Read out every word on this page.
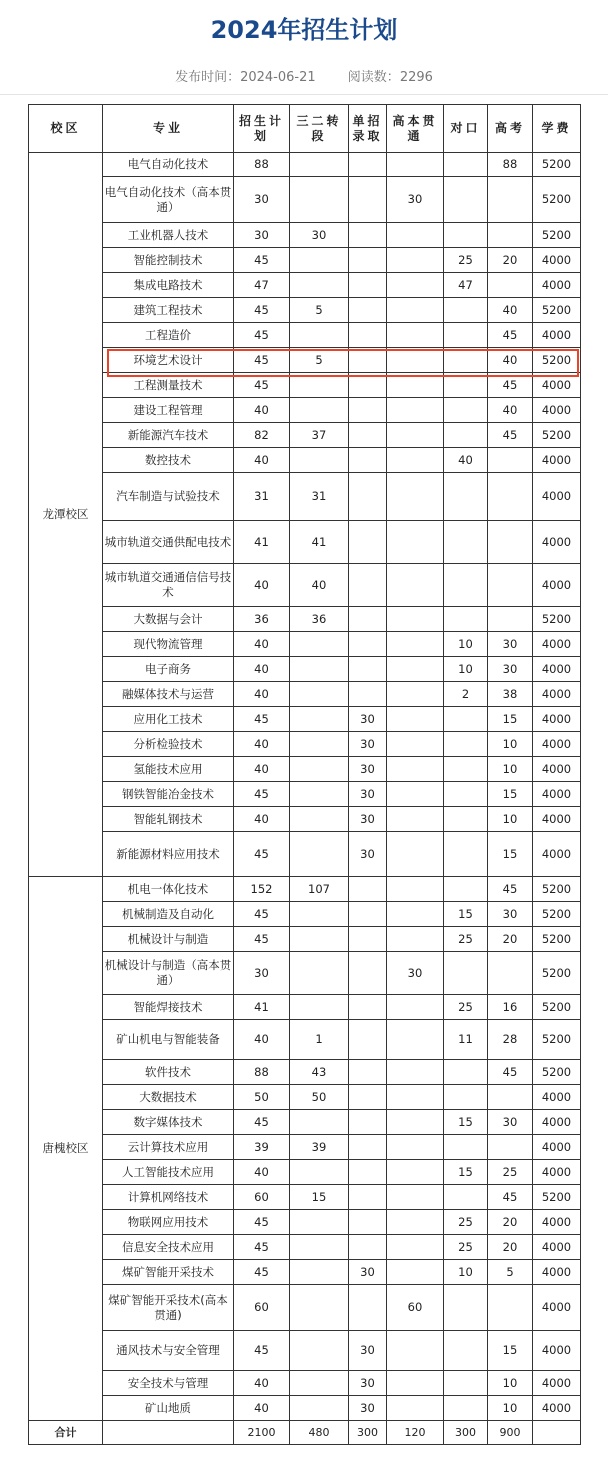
2024年招生计划
发布时间：2024-06-21 阅读数：2296
校区	专业	招生计划	三二转段	单招录取	高本贯通	对口	高考	学费
龙潭校区	电气自动化技术	88					88	5200
	电气自动化技术（高本贯通）	30			30			5200
	工业机器人技术	30	30					5200
	智能控制技术	45				25	20	4000
	集成电路技术	47				47		4000
	建筑工程技术	45	5				40	5200
	工程造价	45					45	4000
	环境艺术设计	45	5				40	5200
	工程测量技术	45					45	4000
	建设工程管理	40					40	4000
	新能源汽车技术	82	37				45	5200
	数控技术	40				40		4000
	汽车制造与试验技术	31	31					4000
	城市轨道交通供配电技术	41	41					4000
	城市轨道交通通信信号技术	40	40					4000
	大数据与会计	36	36					5200
	现代物流管理	40				10	30	4000
	电子商务	40				10	30	4000
	融媒体技术与运营	40				2	38	4000
	应用化工技术	45		30			15	4000
	分析检验技术	40		30			10	4000
	氢能技术应用	40		30			10	4000
	钢铁智能冶金技术	45		30			15	4000
	智能轧钢技术	40		30			10	4000
	新能源材料应用技术	45		30			15	4000
唐槐校区	机电一体化技术	152	107				45	5200
	机械制造及自动化	45				15	30	5200
	机械设计与制造	45				25	20	5200
	机械设计与制造（高本贯通）	30			30			5200
	智能焊接技术	41				25	16	5200
	矿山机电与智能装备	40	1			11	28	5200
	软件技术	88	43				45	5200
	大数据技术	50	50					4000
	数字媒体技术	45				15	30	4000
	云计算技术应用	39	39					4000
	人工智能技术应用	40				15	25	4000
	计算机网络技术	60	15				45	5200
	物联网应用技术	45				25	20	4000
	信息安全技术应用	45				25	20	4000
	煤矿智能开采技术	45		30		10	5	4000
	煤矿智能开采技术(高本贯通)	60			60			4000
	通风技术与安全管理	45		30			15	4000
	安全技术与管理	40		30			10	4000
	矿山地质	40		30			10	4000
合计		2100	480	300	120	300	900	
